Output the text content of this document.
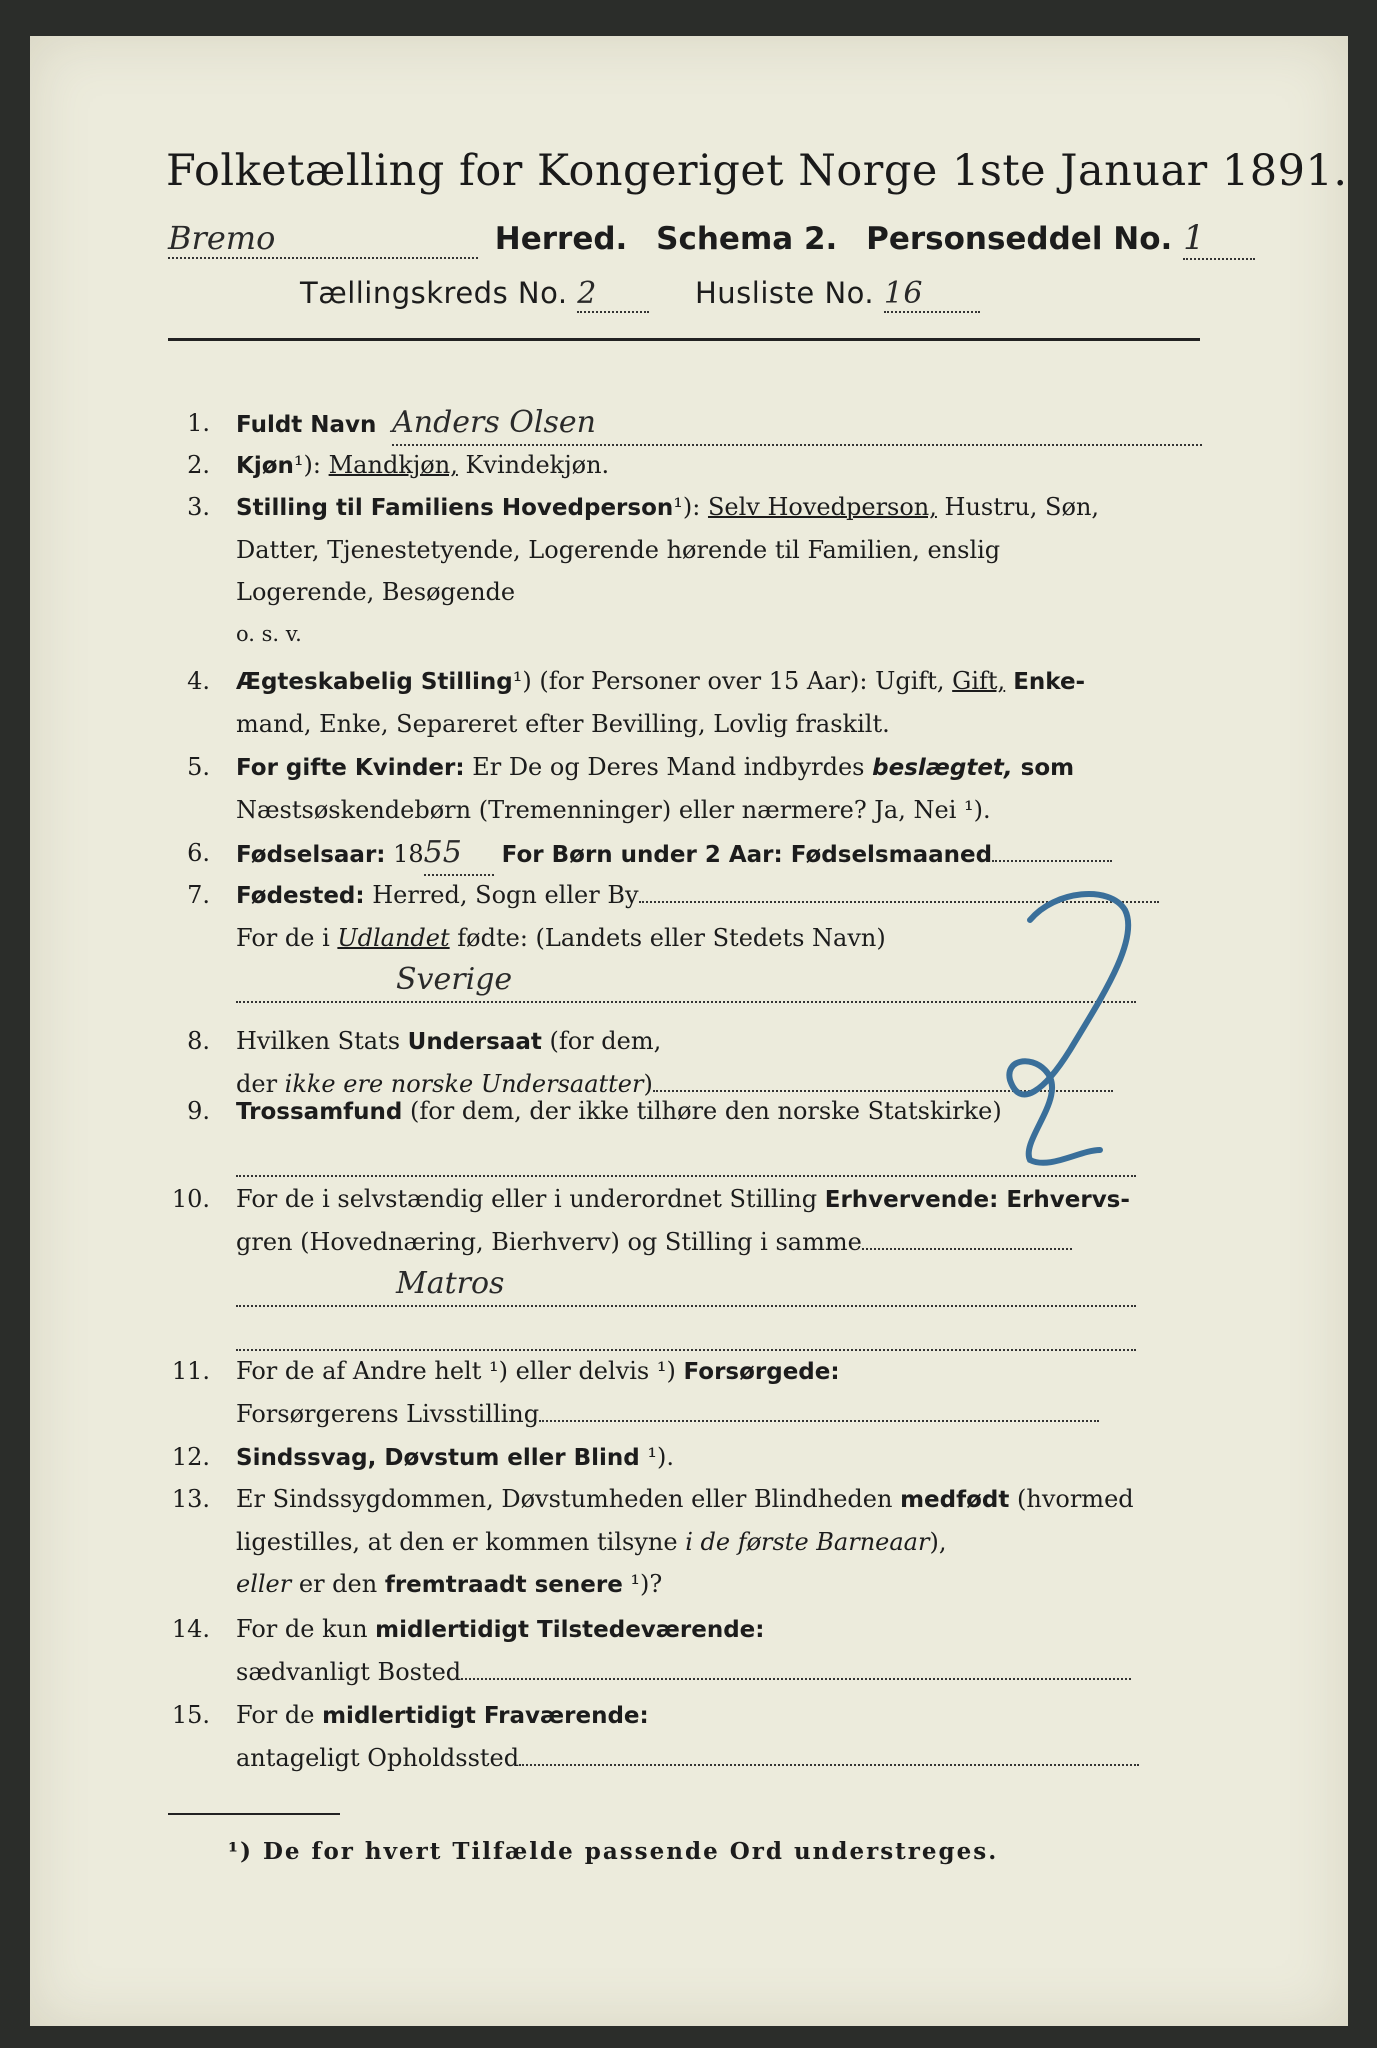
Folketælling for Kongeriget Norge 1ste Januar 1891.
Bremo	Herred. Schema 2. Personseddel No. 1
Tællingskreds No. 2	Husliste No. 16
1. Fuldt Navn Anders Olsen
2. Kjøn¹): Mandkjøn, Kvindekjøn.
3. Stilling til Familiens Hovedperson¹): Selv Hovedperson, Hustru, Søn,
Datter, Tjenestetyende, Logerende hørende til Familien, enslig
Logerende, Besøgende
o. s. v.
4. Ægteskabelig Stilling¹) (for Personer over 15 Aar): Ugift, Gift, Enke-
mand, Enke, Separeret efter Bevilling, Lovlig fraskilt.
5. For gifte Kvinder: Er De og Deres Mand indbyrdes beslægtet, som
Næstsøskendebørn (Tremenninger) eller nærmere? Ja, Nei ¹).
6. Fødselsaar: 1855 For Børn under 2 Aar: Fødselsmaaned
7. Fødested: Herred, Sogn eller By
For de i Udlandet fødte: (Landets eller Stedets Navn)
Sverige
8. Hvilken Stats Undersaat (for dem,
der ikke ere norske Undersaatter)
9. Trossamfund (for dem, der ikke tilhøre den norske Statskirke)

10. For de i selvstændig eller i underordnet Stilling Erhvervende: Erhvervs-
gren (Hovednæring, Bierhverv) og Stilling i samme
Matros

11. For de af Andre helt ¹) eller delvis ¹) Forsørgede:
Forsørgerens Livsstilling
12. Sindssvag, Døvstum eller Blind ¹).
13. Er Sindssygdommen, Døvstumheden eller Blindheden medfødt (hvormed
ligestilles, at den er kommen tilsyne i de første Barneaar),
eller er den fremtraadt senere ¹)?
14. For de kun midlertidigt Tilstedeværende:
sædvanligt Bosted
15. For de midlertidigt Fraværende:
antageligt Opholdssted
2
¹) De for hvert Tilfælde passende Ord understreges.
